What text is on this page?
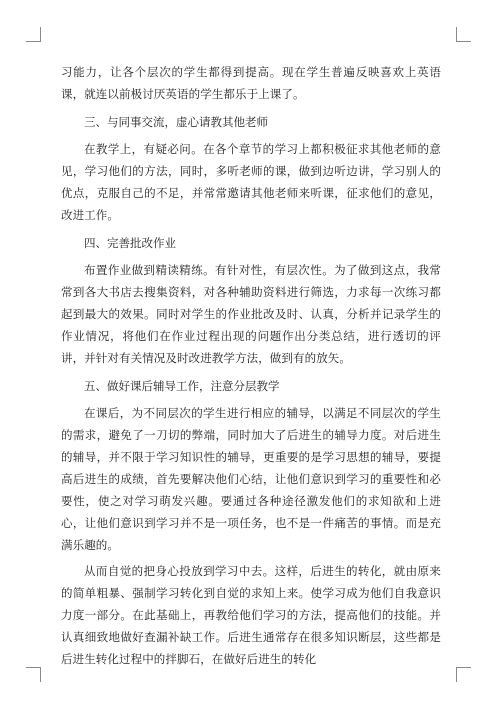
习能力，让各个层次的学生都得到提高。现在学生普遍反映喜欢上英语课，就连以前极讨厌英语的学生都乐于上课了。

三、与同事交流，虚心请教其他老师

在教学上，有疑必问。在各个章节的学习上都积极征求其他老师的意见，学习他们的方法，同时，多听老师的课，做到边听边讲，学习别人的优点，克服自己的不足，并常常邀请其他老师来听课，征求他们的意见，改进工作。

四、完善批改作业

布置作业做到精读精练。有针对性，有层次性。为了做到这点，我常常到各大书店去搜集资料，对各种辅助资料进行筛选，力求每一次练习都起到最大的效果。同时对学生的作业批改及时、认真，分析并记录学生的作业情况，将他们在作业过程出现的问题作出分类总结，进行透切的评讲，并针对有关情况及时改进教学方法，做到有的放矢。

五、做好课后辅导工作，注意分层教学

在课后，为不同层次的学生进行相应的辅导，以满足不同层次的学生的需求，避免了一刀切的弊端，同时加大了后进生的辅导力度。对后进生的辅导，并不限于学习知识性的辅导，更重要的是学习思想的辅导，要提高后进生的成绩，首先要解决他们心结，让他们意识到学习的重要性和必要性，使之对学习萌发兴趣。要通过各种途径激发他们的求知欲和上进心，让他们意识到学习并不是一项任务，也不是一件痛苦的事情。而是充满乐趣的。

从而自觉的把身心投放到学习中去。这样，后进生的转化，就由原来的简单粗暴、强制学习转化到自觉的求知上来。使学习成为他们自我意识力度一部分。在此基础上，再教给他们学习的方法，提高他们的技能。并认真细致地做好查漏补缺工作。后进生通常存在很多知识断层，这些都是后进生转化过程中的拌脚石，在做好后进生的转化
